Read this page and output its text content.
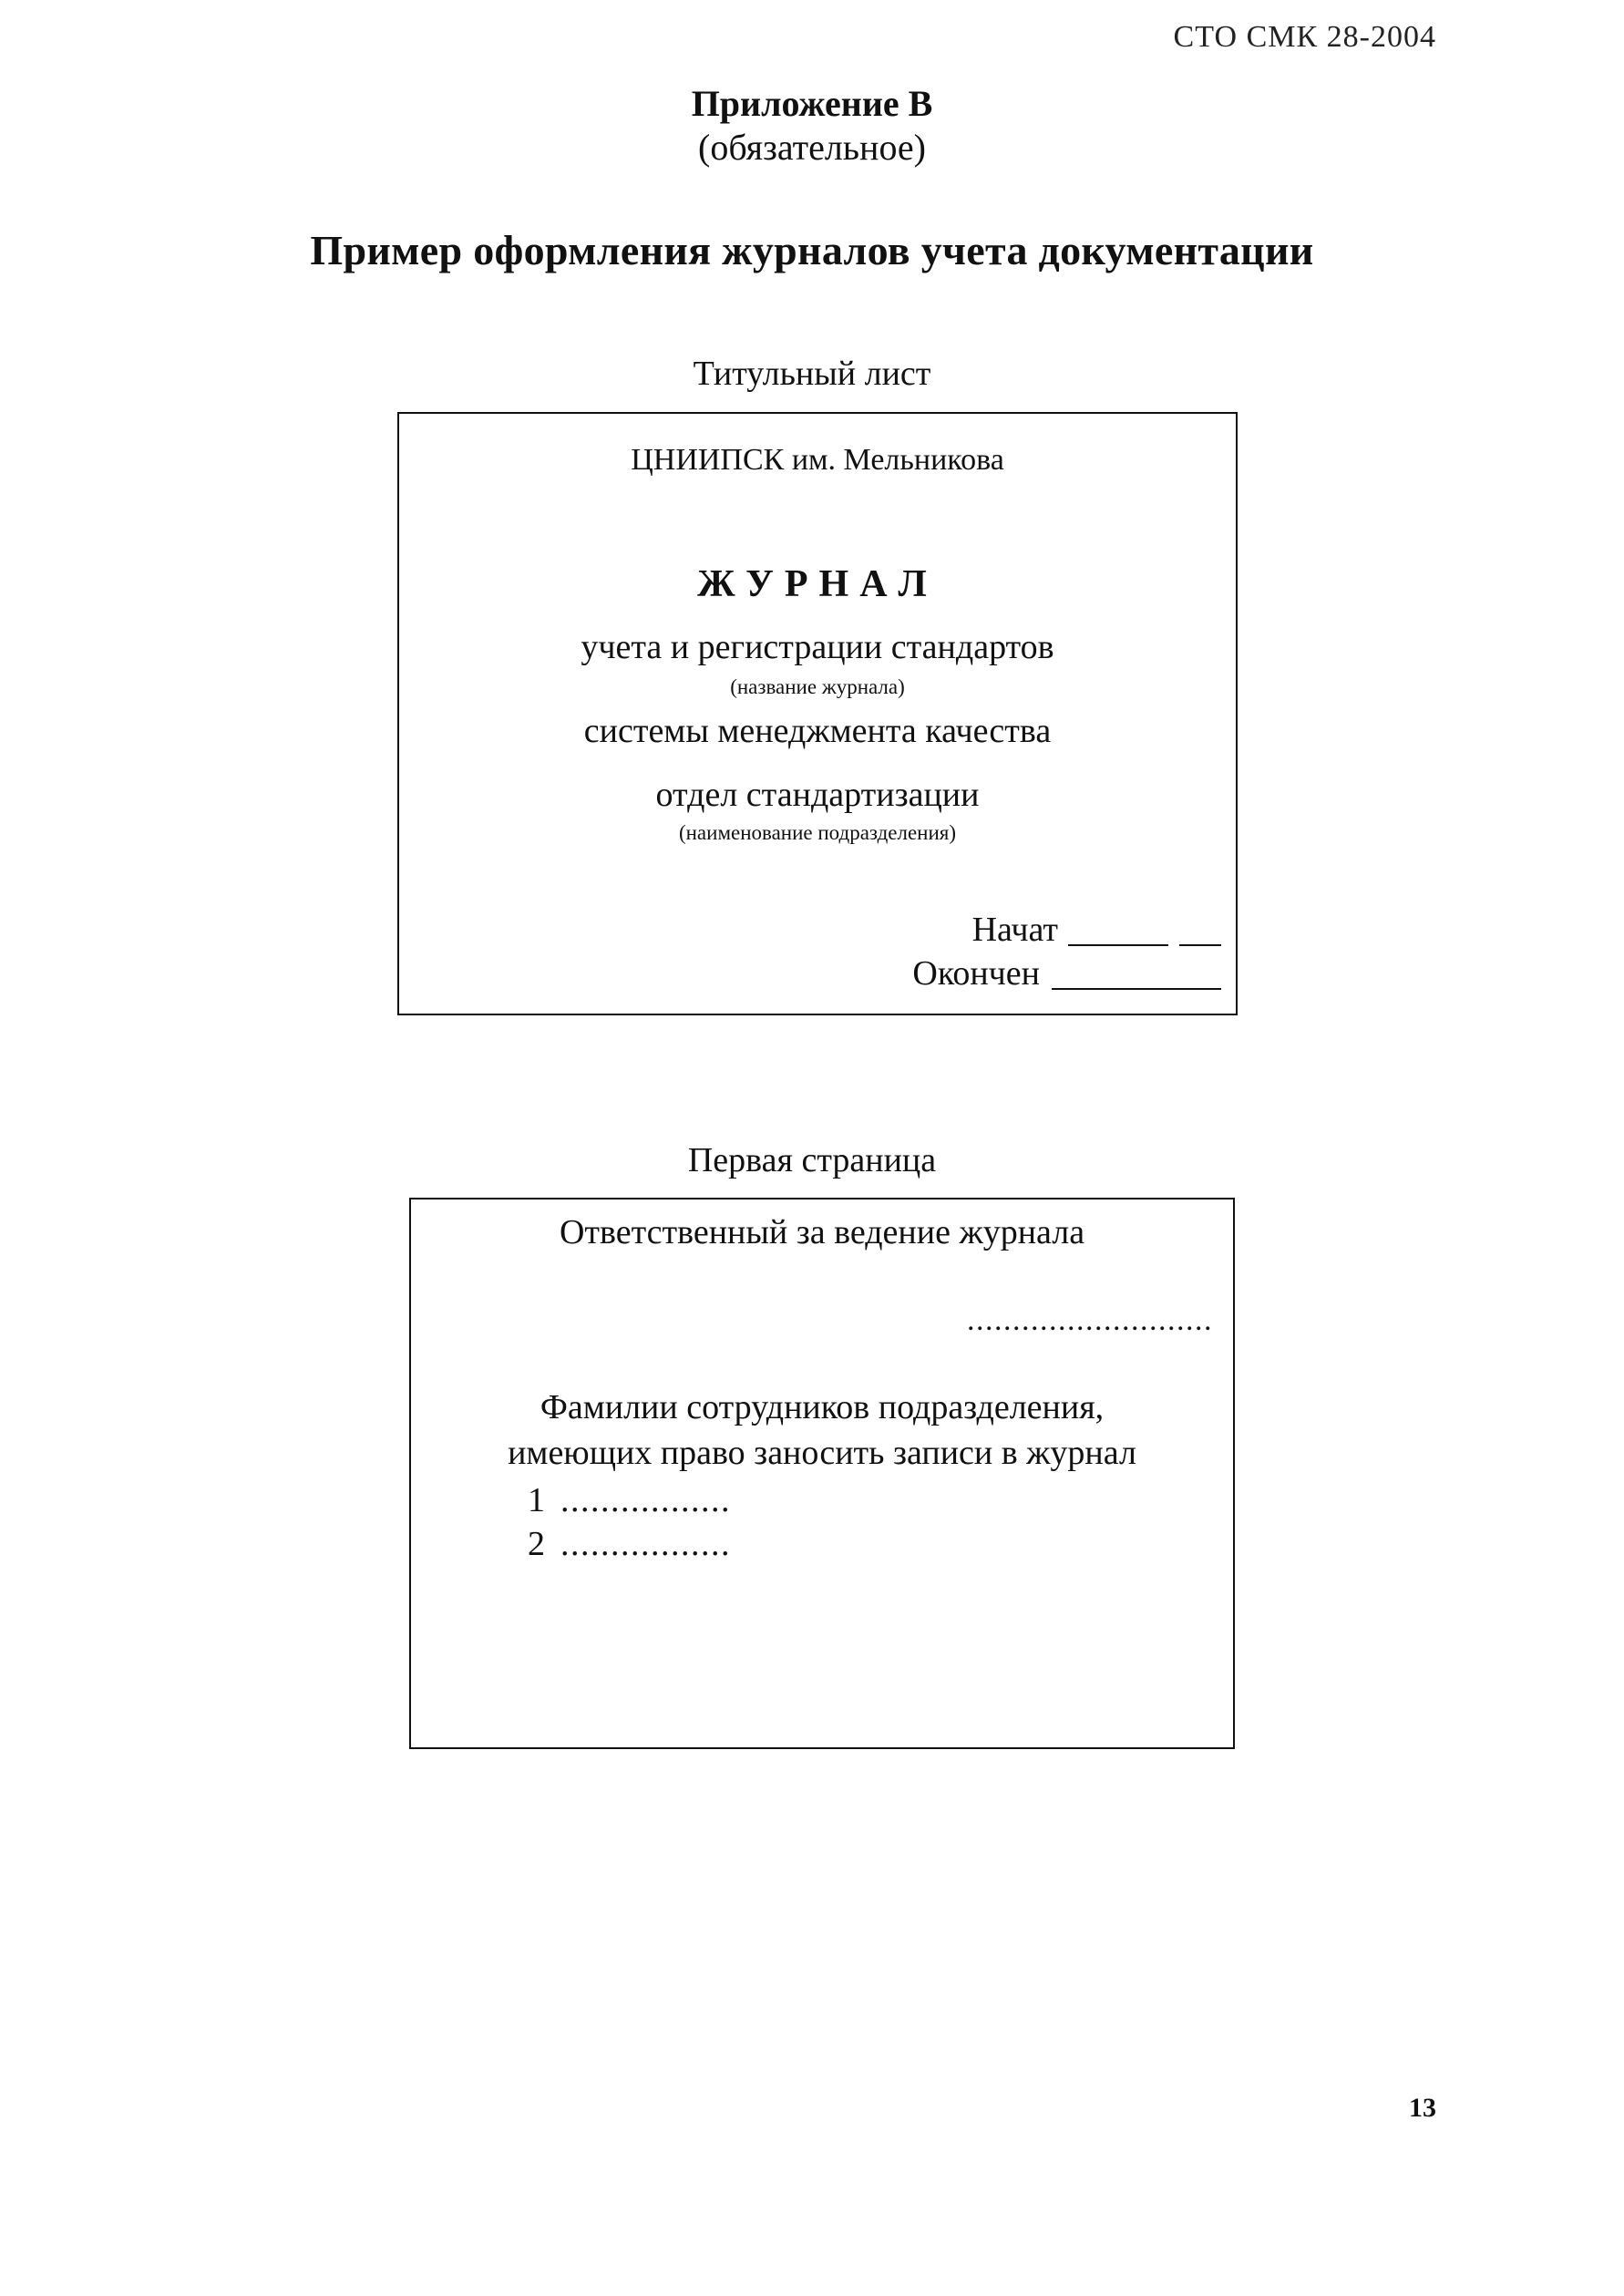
СТО СМК 28-2004
Приложение В
(обязательное)
Пример оформления журналов учета документации
Титульный лист
ЦНИИПСК им. Мельникова
ЖУРНАЛ
учета и регистрации стандартов
(название журнала)
системы менеджмента качества
отдел стандартизации
(наименование подразделения)
Начат
Окончен
Первая страница
Ответственный за ведение журнала
...........................
Фамилии сотрудников подразделения,
имеющих право заносить записи в журнал
1 .................
2 .................
13
